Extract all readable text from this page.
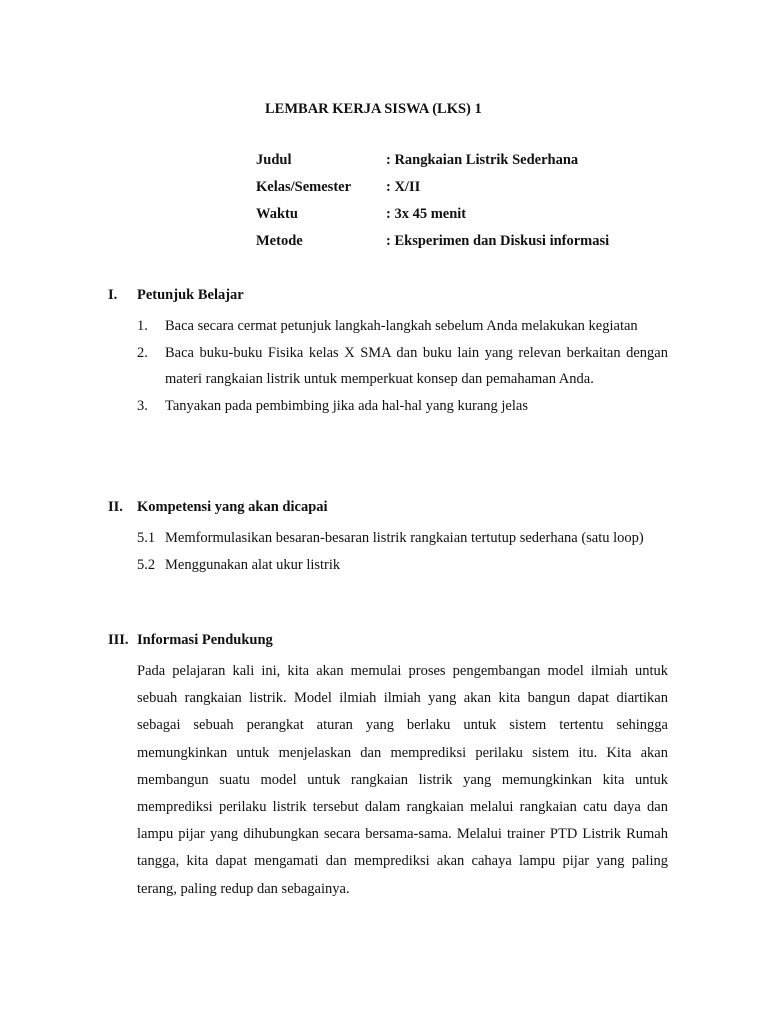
LEMBAR KERJA SISWA (LKS) 1
Judul	: Rangkaian Listrik Sederhana
Kelas/Semester	: X/II
Waktu	: 3x 45 menit
Metode	: Eksperimen dan Diskusi informasi
I.	Petunjuk Belajar
1.	Baca secara cermat petunjuk langkah-langkah sebelum Anda melakukan kegiatan
2.	Baca buku-buku Fisika kelas X SMA dan buku lain yang relevan berkaitan dengan materi rangkaian listrik untuk memperkuat konsep dan pemahaman Anda.
3.	Tanyakan pada pembimbing jika ada hal-hal yang kurang jelas
II. Kompetensi yang akan dicapai
5.1 Memformulasikan besaran-besaran listrik rangkaian tertutup sederhana (satu loop)
5.2 Menggunakan alat ukur listrik
III. Informasi Pendukung
Pada pelajaran kali ini, kita akan memulai proses pengembangan model ilmiah untuk sebuah rangkaian listrik. Model ilmiah ilmiah yang akan kita bangun dapat diartikan sebagai sebuah perangkat aturan yang berlaku untuk sistem tertentu sehingga memungkinkan untuk menjelaskan dan memprediksi perilaku sistem itu. Kita akan membangun suatu model untuk rangkaian listrik yang memungkinkan kita untuk memprediksi perilaku listrik tersebut dalam rangkaian melalui rangkaian catu daya dan lampu pijar yang dihubungkan secara bersama-sama. Melalui trainer PTD Listrik Rumah tangga, kita dapat mengamati dan memprediksi akan cahaya lampu pijar yang paling terang, paling redup dan sebagainya.
